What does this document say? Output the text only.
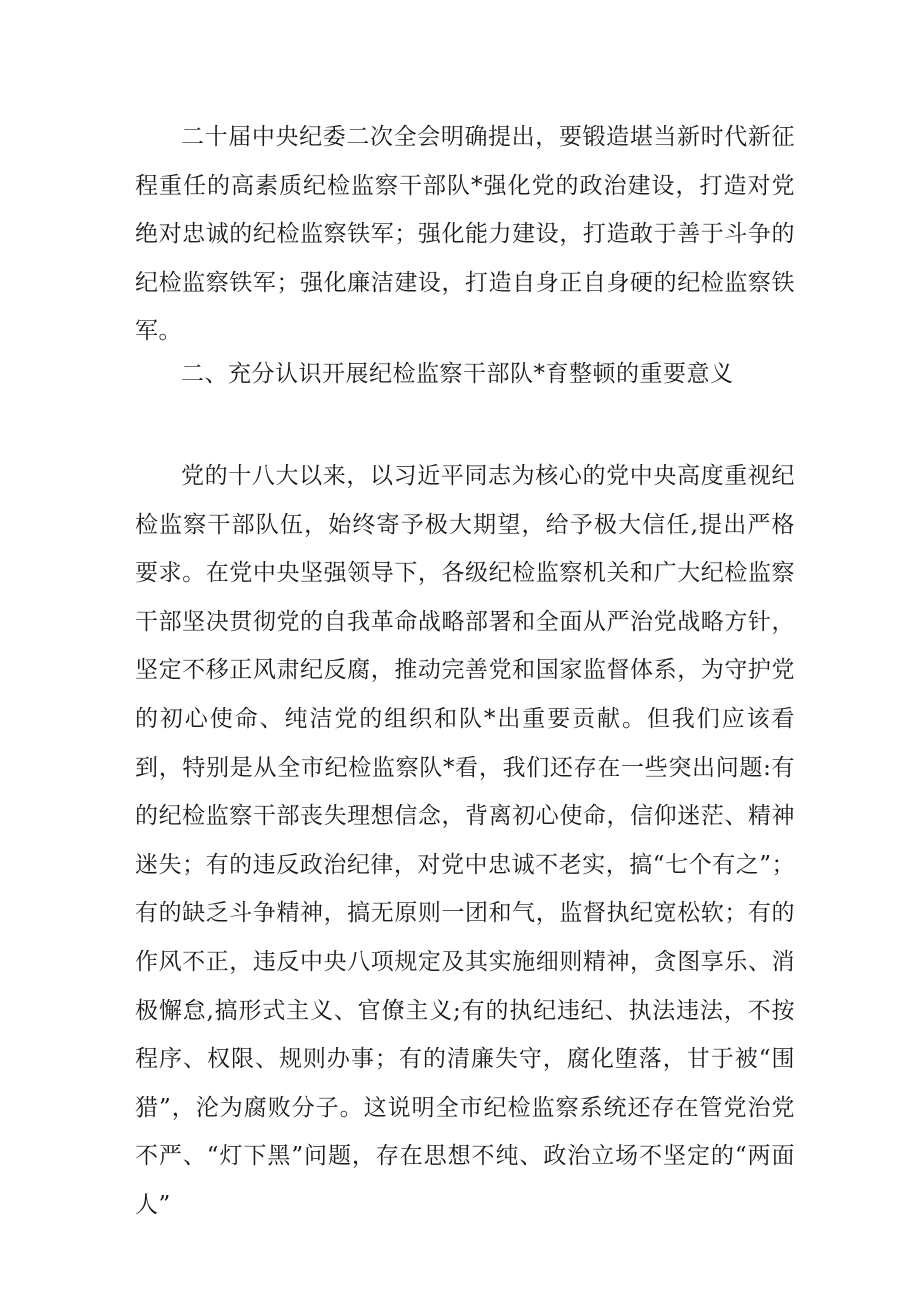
二十届中央纪委二次全会明确提出，要锻造堪当新时代新征程重任的高素质纪检监察干部队*强化党的政治建设，打造对党绝对忠诚的纪检监察铁军；强化能力建设，打造敢于善于斗争的纪检监察铁军；强化廉洁建设，打造自身正自身硬的纪检监察铁军。

二、充分认识开展纪检监察干部队*育整顿的重要意义

党的十八大以来，以习近平同志为核心的党中央高度重视纪检监察干部队伍，始终寄予极大期望，给予极大信任,提出严格要求。在党中央坚强领导下，各级纪检监察机关和广大纪检监察干部坚决贯彻党的自我革命战略部署和全面从严治党战略方针，坚定不移正风肃纪反腐，推动完善党和国家监督体系，为守护党的初心使命、纯洁党的组织和队*出重要贡献。但我们应该看到，特别是从全市纪检监察队*看，我们还存在一些突出问题:有的纪检监察干部丧失理想信念，背离初心使命，信仰迷茫、精神迷失；有的违反政治纪律，对党中忠诚不老实，搞“七个有之”；有的缺乏斗争精神，搞无原则一团和气，监督执纪宽松软；有的作风不正，违反中央八项规定及其实施细则精神，贪图享乐、消极懈怠,搞形式主义、官僚主义;有的执纪违纪、执法违法，不按程序、权限、规则办事；有的清廉失守，腐化堕落，甘于被“围猎”，沦为腐败分子。这说明全市纪检监察系统还存在管党治党不严、“灯下黑”问题，存在思想不纯、政治立场不坚定的“两面人”
